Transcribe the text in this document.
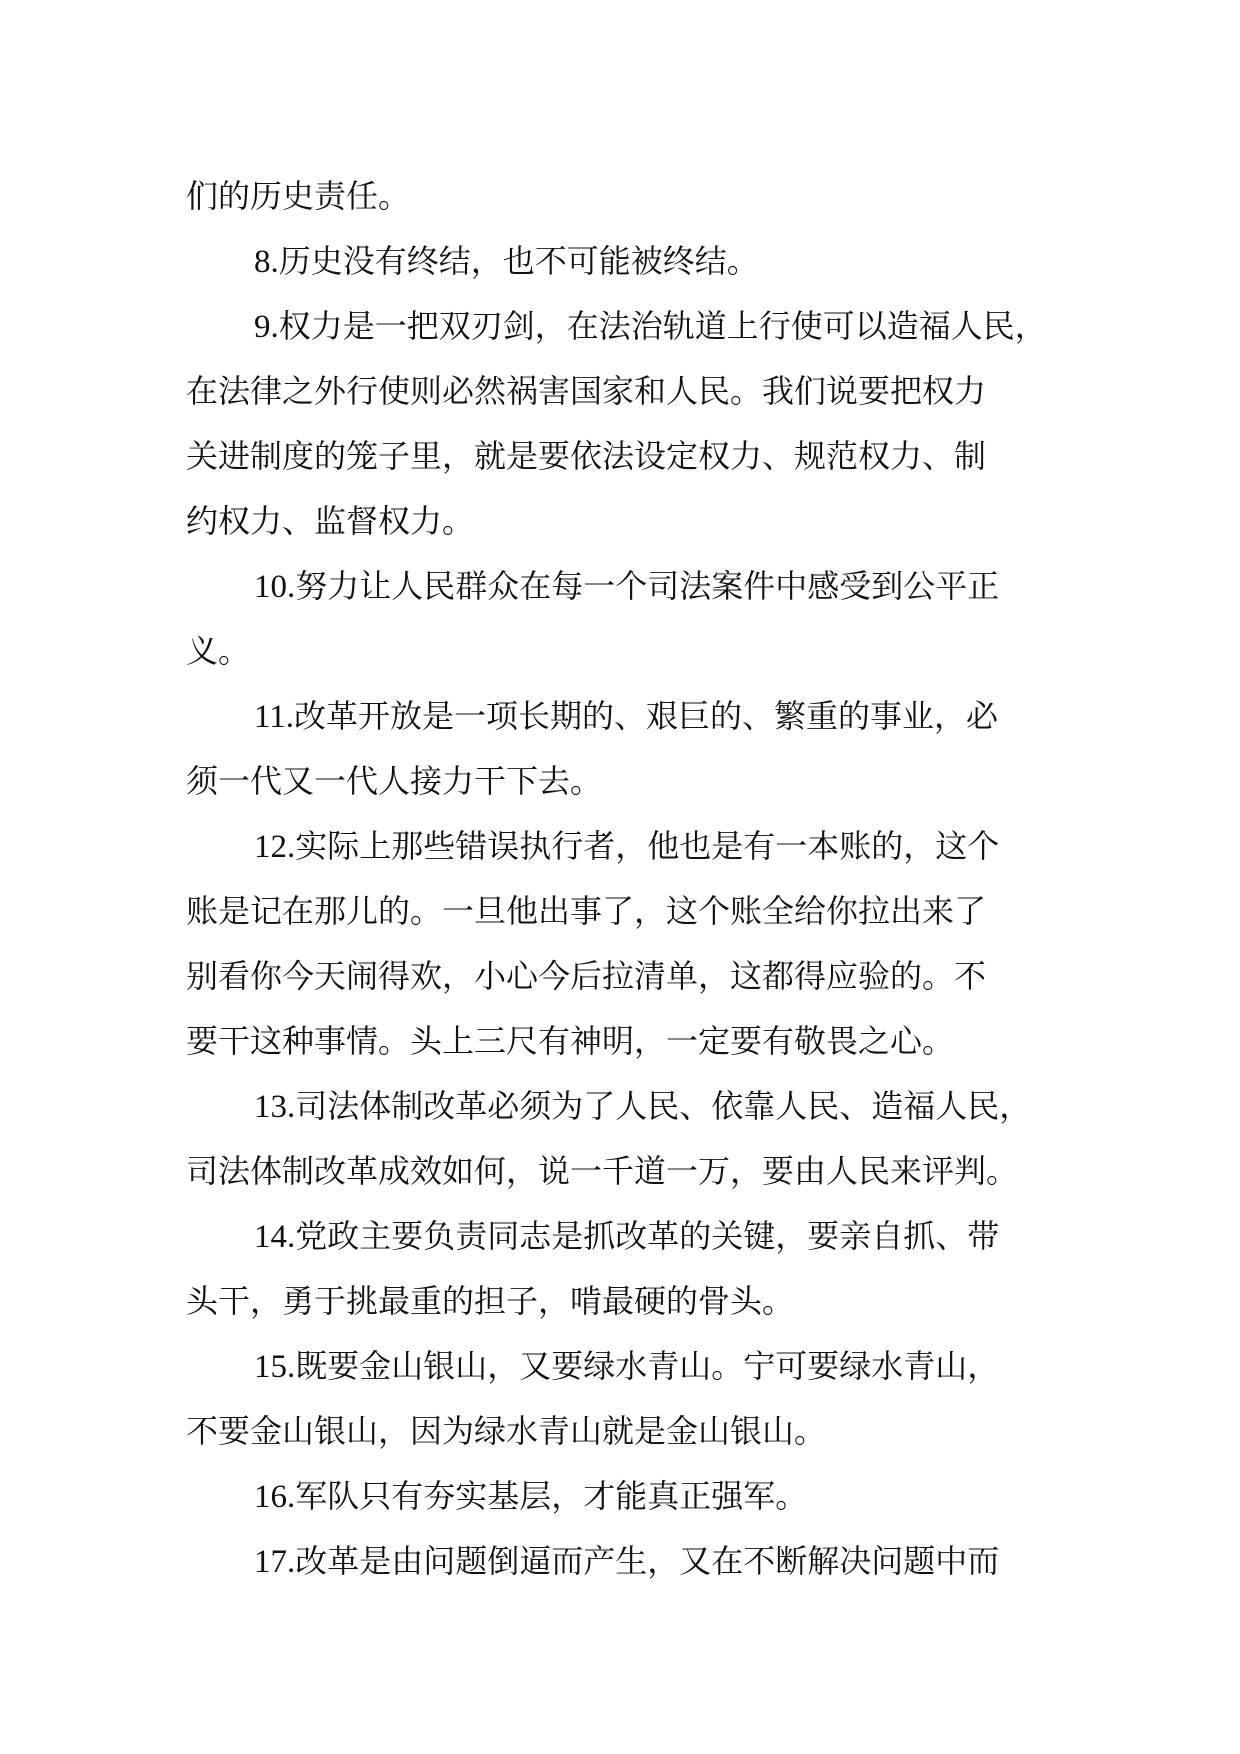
们的历史责任。
8.历史没有终结，也不可能被终结。
9.权力是一把双刃剑，在法治轨道上行使可以造福人民，
在法律之外行使则必然祸害国家和人民。我们说要把权力
关进制度的笼子里，就是要依法设定权力、规范权力、制
约权力、监督权力。
10.努力让人民群众在每一个司法案件中感受到公平正
义。
11.改革开放是一项长期的、艰巨的、繁重的事业，必
须一代又一代人接力干下去。
12.实际上那些错误执行者，他也是有一本账的，这个
账是记在那儿的。一旦他出事了，这个账全给你拉出来了
别看你今天闹得欢，小心今后拉清单，这都得应验的。不
要干这种事情。头上三尺有神明，一定要有敬畏之心。
13.司法体制改革必须为了人民、依靠人民、造福人民，
司法体制改革成效如何，说一千道一万，要由人民来评判。
14.党政主要负责同志是抓改革的关键，要亲自抓、带
头干，勇于挑最重的担子，啃最硬的骨头。
15.既要金山银山，又要绿水青山。宁可要绿水青山，
不要金山银山，因为绿水青山就是金山银山。
16.军队只有夯实基层，才能真正强军。
17.改革是由问题倒逼而产生，又在不断解决问题中而
